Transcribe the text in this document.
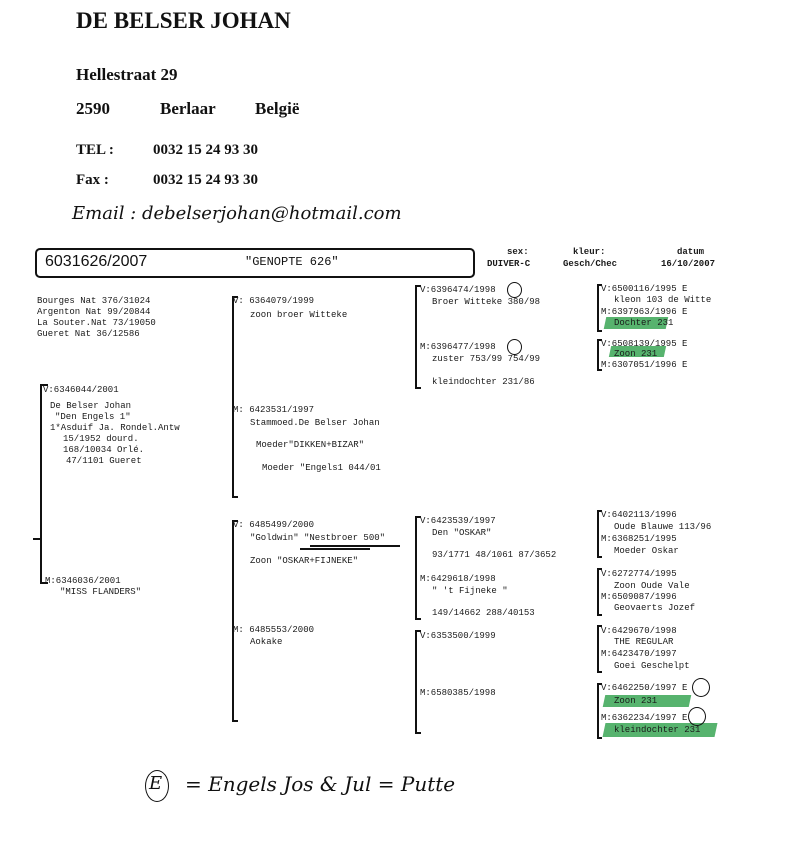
DE BELSER JOHAN
Hellestraat 29
2590	Berlaar België
TEL :	0032 15 24 93 30
Fax :	0032 15 24 93 30
Email : debelserjohan@hotmail.com
6031626/2007	"GENOPTE 626"
sex:
DUIVER-C
kleur:
Gesch/Chec
datum
16/10/2007
Bourges Nat 376/31024
Argenton Nat 99/20844
La Souter.Nat 73/19050
Gueret Nat 36/12586
V:6346044/2001
De Belser Johan
"Den Engels 1"
1*Asduif Ja. Rondel.Antw
15/1952 dourd.
168/10034 Orlé.
47/1101 Gueret
M:6346036/2001
"MISS FLANDERS"
V: 6364079/1999
zoon broer Witteke
M: 6423531/1997
Stammoed.De Belser Johan
Moeder"DIKKEN+BIZAR"
Moeder "Engels1 044/01
V: 6485499/2000
"Goldwin" "Nestbroer 500"
Zoon "OSKAR+FIJNEKE"
M: 6485553/2000
Aokake
V:6396474/1998
Broer Witteke 380/98
M:6396477/1998
zuster 753/99 754/99
kleindochter 231/86
V:6423539/1997
Den "OSKAR"
93/1771 48/1061 87/3652
M:6429618/1998
" 't Fijneke "
149/14662 288/40153
V:6353500/1999
M:6580385/1998
V:6500116/1995 E
kleon 103 de Witte
M:6397963/1996 E
Dochter 231
V:6508139/1995 E
Zoon 231
M:6307051/1996 E
V:6402113/1996
Oude Blauwe 113/96
M:6368251/1995
Moeder Oskar
V:6272774/1995
Zoon Oude Vale
M:6509087/1996
Geovaerts Jozef
V:6429670/1998
THE REGULAR
M:6423470/1997
Goei Geschelpt
V:6462250/1997 E
Zoon 231
M:6362234/1997 E
kleindochter 231
E = Engels Jos & Jul = Putte
